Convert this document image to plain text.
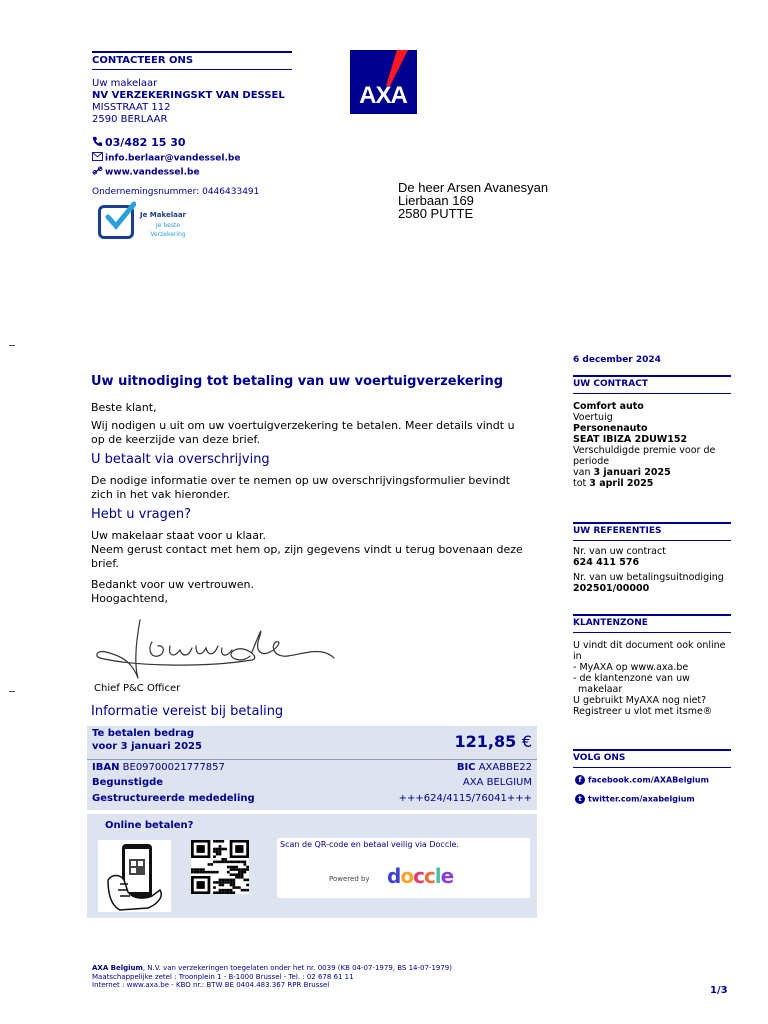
CONTACTEER ONS
Uw makelaar
NV VERZEKERINGSKT VAN DESSEL
MISSTRAAT 112
2590 BERLAAR
03/482 15 30
info.berlaar@vandessel.be
www.vandessel.be
Ondernemingsnummer: 0446433491
Je Makelaar
Je beste
Verzekering
AXA
De heer Arsen Avanesyan
Lierbaan 169
2580 PUTTE
Uw uitnodiging tot betaling van uw voertuigverzekering
Beste klant,
Wij nodigen u uit om uw voertuigverzekering te betalen. Meer details vindt u op de keerzijde van deze brief.
U betaalt via overschrijving
De nodige informatie over te nemen op uw overschrijvingsformulier bevindt zich in het vak hieronder.
Hebt u vragen?
Uw makelaar staat voor u klaar.
Neem gerust contact met hem op, zijn gegevens vindt u terug bovenaan deze brief.
Bedankt voor uw vertrouwen.
Hoogachtend,
Chief P&C Officer
Informatie vereist bij betaling
Te betalen bedrag
voor 3 januari 2025	121,85 €
IBAN BE09700021777857	BIC AXABBE22
Begunstigde	AXA BELGIUM
Gestructureerde mededeling	+++624/4115/76041+++
Online betalen?
Scan de QR-code en betaal veilig via Doccle.
Powered by doccle
6 december 2024
UW CONTRACT
Comfort auto
Voertuig
Personenauto
SEAT IBIZA 2DUW152
Verschuldigde premie voor de periode
van 3 januari 2025
tot 3 april 2025
UW REFERENTIES
Nr. van uw contract
624 411 576
Nr. van uw betalingsuitnodiging
202501/00000
KLANTENZONE
U vindt dit document ook online in
- MyAXA op www.axa.be
- de klantenzone van uw
makelaar
U gebruikt MyAXA nog niet?
Registreer u vlot met itsme®
VOLG ONS
f facebook.com/AXABelgium
t twitter.com/axabelgium
AXA Belgium, N.V. van verzekeringen toegelaten onder het nr. 0039 (KB 04-07-1979, BS 14-07-1979)
Maatschappelijke zetel : Troonplein 1 - B-1000 Brussel - Tel. : 02 678 61 11
Internet : www.axa.be - KBO nr.: BTW BE 0404.483.367 RPR Brussel	1/3
